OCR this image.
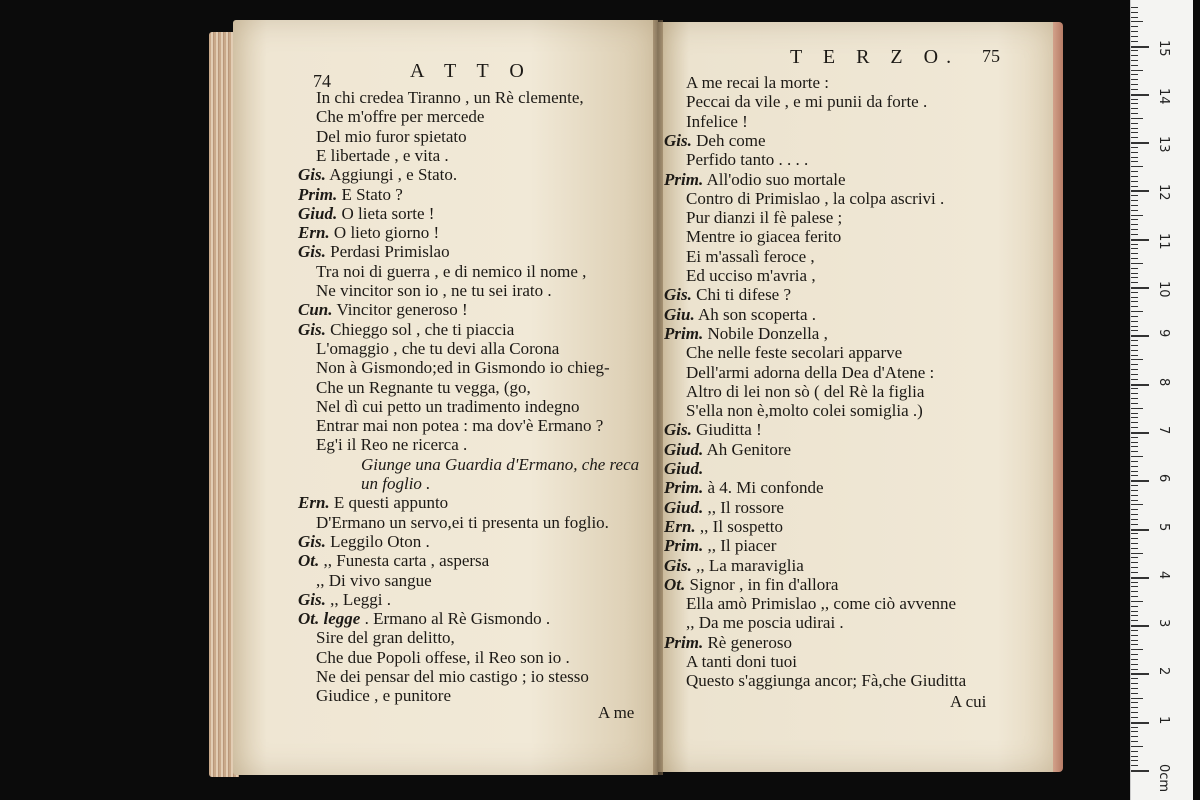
74	A T T O
In chi credea Tiranno , un Rè clemente,
Che m'offre per mercede
Del mio furor spietato
E libertade , e vita .
Gis. Aggiungi , e Stato.
Prim. E Stato ?
Giud. O lieta sorte !
Ern. O lieto giorno !
Gis. Perdasi Primislao
Tra noi di guerra , e di nemico il nome ,
Ne vincitor son io , ne tu sei irato .
Cun. Vincitor generoso !
Gis. Chieggo sol , che ti piaccia
L'omaggio , che tu devi alla Corona
Non à Gismondo;ed in Gismondo io chieg-
Che un Regnante tu vegga, (go,
Nel dì cui petto un tradimento indegno
Entrar mai non potea : ma dov'è Ermano ?
Eg'i il Reo ne ricerca .
Giunge una Guardia d'Ermano, che reca
un foglio .
Ern. E questi appunto
D'Ermano un servo,ei ti presenta un foglio.
Gis. Leggilo Oton .
Ot. ,, Funesta carta , aspersa
,, Di vivo sangue
Gis. ,, Leggi .
Ot. legge . Ermano al Rè Gismondo .
Sire del gran delitto,
Che due Popoli offese, il Reo son io .
Ne dei pensar del mio castigo ; io stesso
Giudice , e punitore
A me
T E R Z O. 75
A me recai la morte :
Peccai da vile , e mi punii da forte .
Infelice !
Gis. Deh come
Perfido tanto . . . .
Prim. All'odio suo mortale
Contro di Primislao , la colpa ascrivi .
Pur dianzi il fè palese ;
Mentre io giacea ferito
Ei m'assalì feroce ,
Ed ucciso m'avria ,
Gis. Chi ti difese ?
Giu. Ah son scoperta .
Prim. Nobile Donzella ,
Che nelle feste secolari apparve
Dell'armi adorna della Dea d'Atene :
Altro di lei non sò ( del Rè la figlia
S'ella non è,molto colei somiglia .)
Gis. Giuditta !
Giud. Ah Genitore
Giud.
Prim. à 4. Mi confonde
Giud. ,, Il rossore
Ern. ,, Il sospetto
Prim. ,, Il piacer
Gis. ,, La maraviglia
Ot. Signor , in fin d'allora
Ella amò Primislao ,, come ciò avvenne
,, Da me poscia udirai .
Prim. Rè generoso
A tanti doni tuoi
Questo s'aggiunga ancor; Fà,che Giuditta
A cui
0cm
1
2
3
4
5
6
7
8
9
10
11
12
13
14
15
